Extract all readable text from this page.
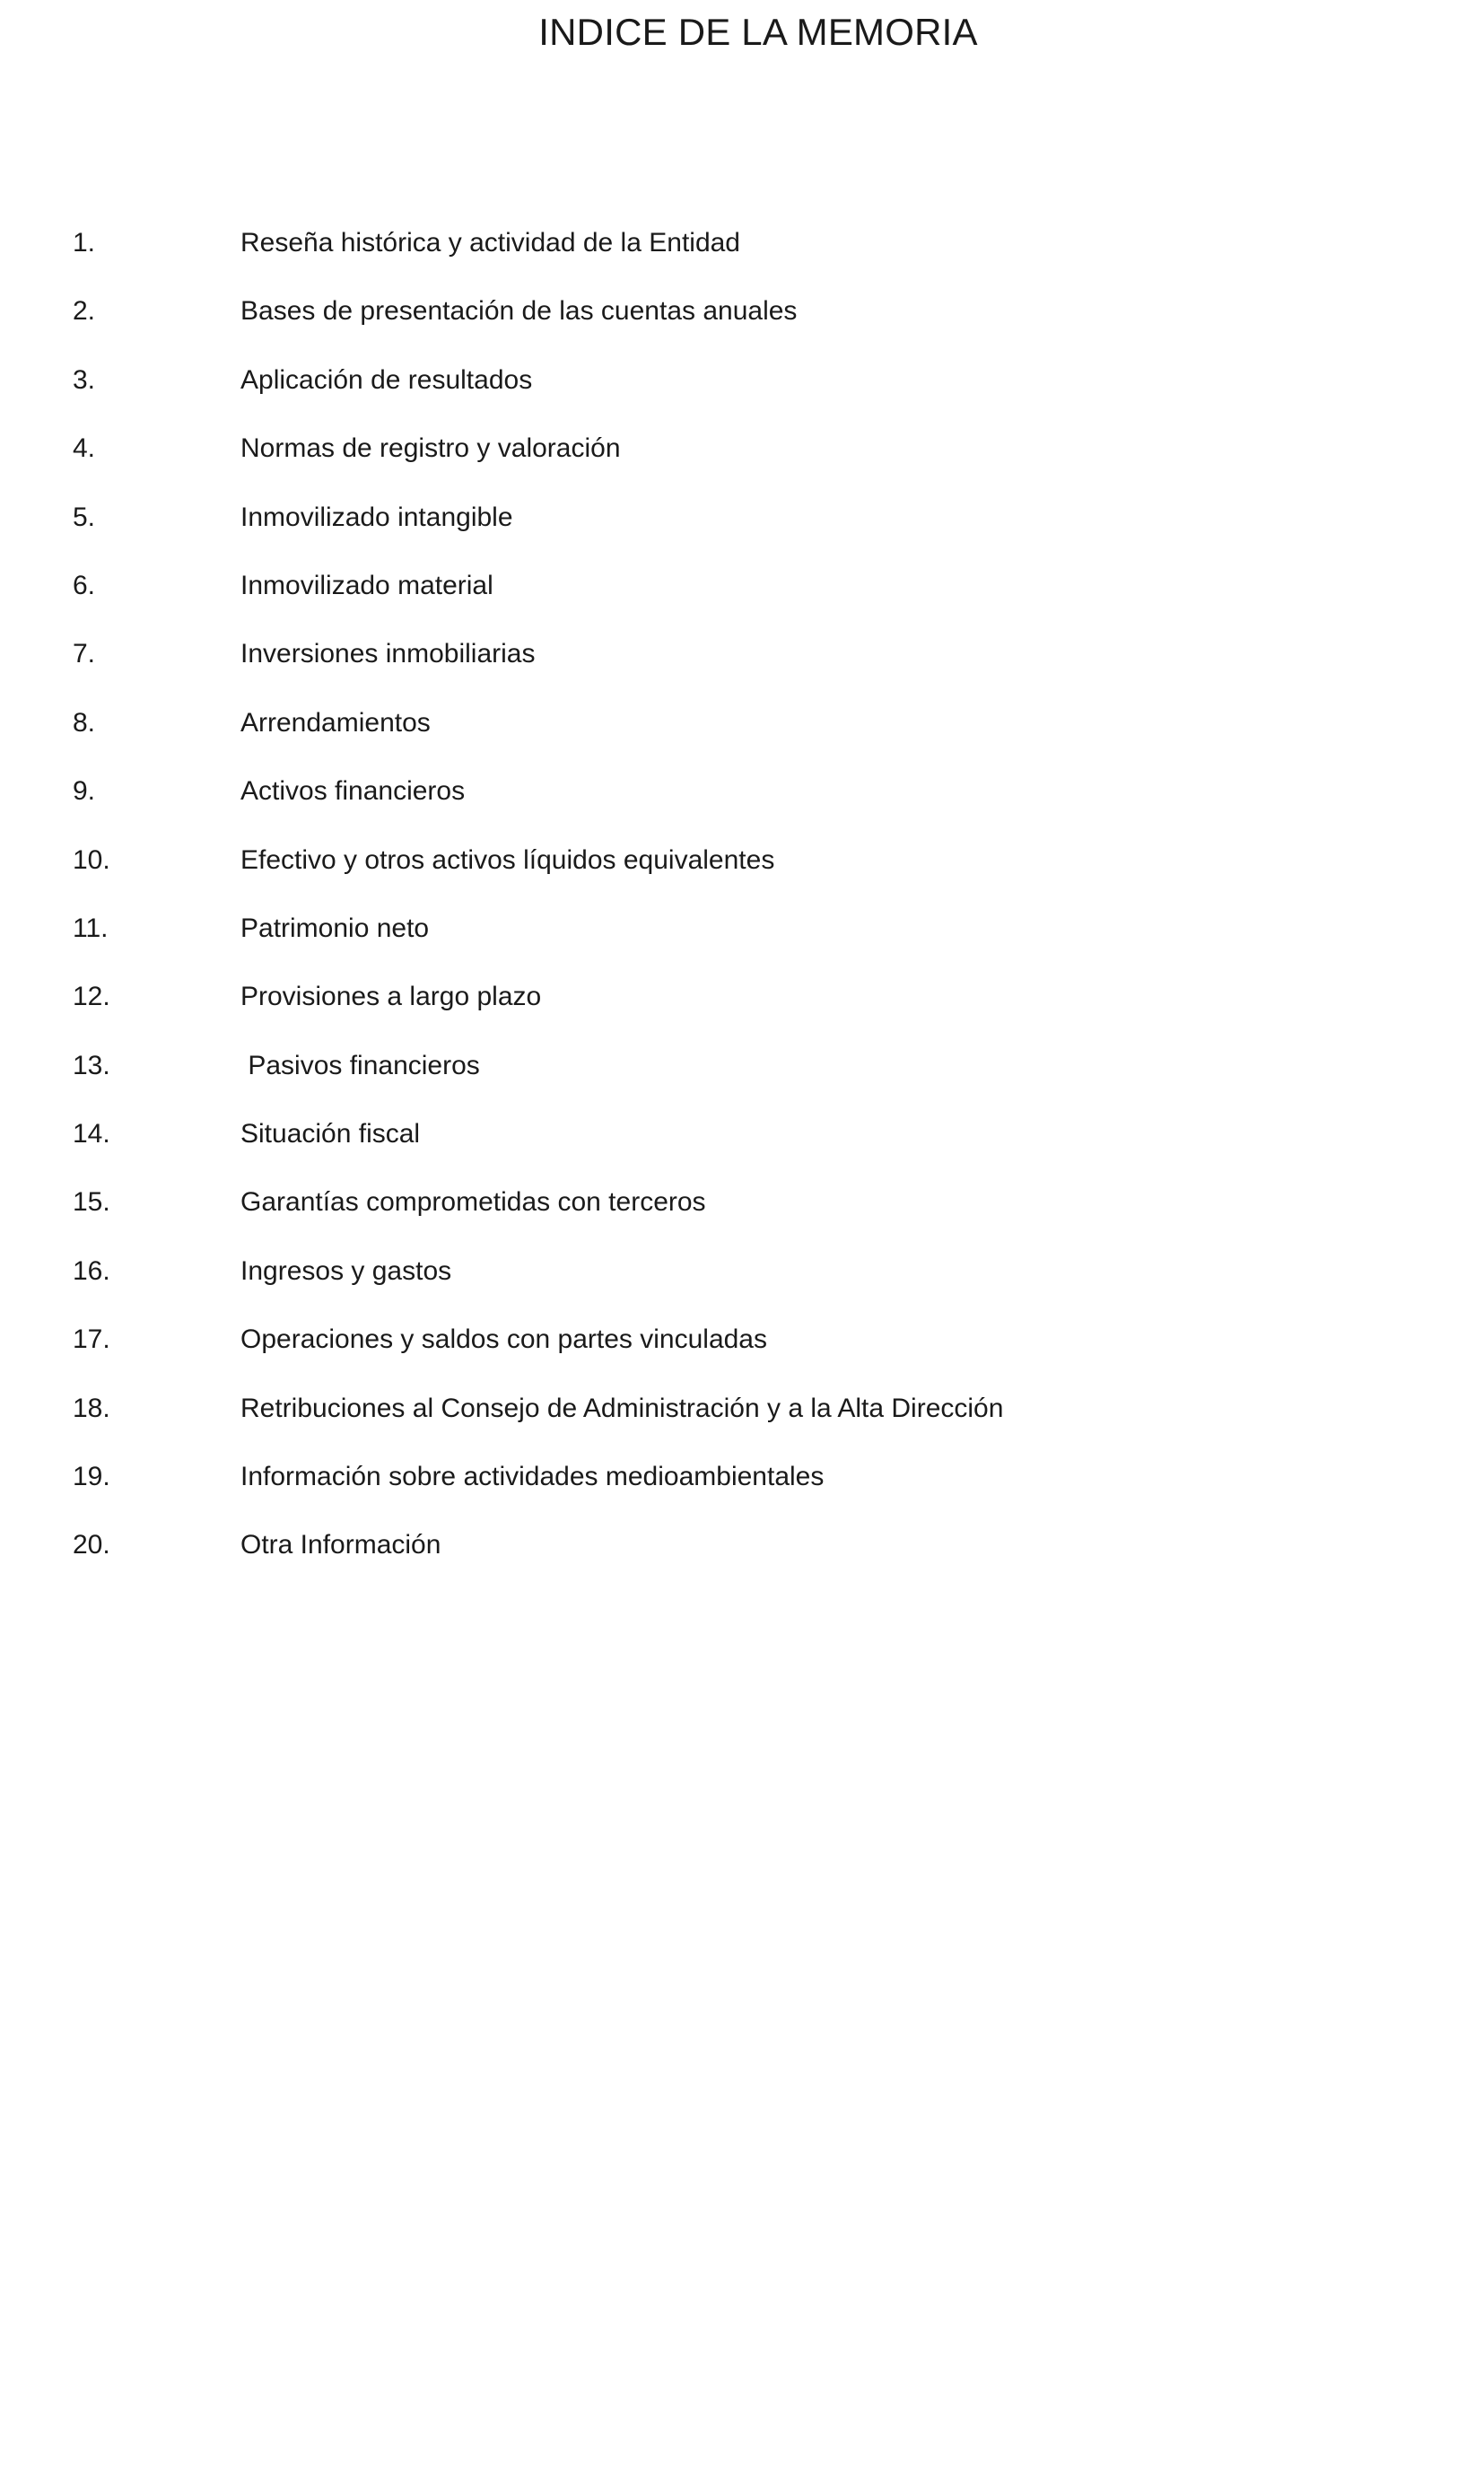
INDICE DE LA MEMORIA
1.	Reseña histórica y actividad de la Entidad
2.	Bases de presentación de las cuentas anuales
3.	Aplicación de resultados
4.	Normas de registro y valoración
5.	Inmovilizado intangible
6.	Inmovilizado material
7.	Inversiones inmobiliarias
8.	Arrendamientos
9.	Activos financieros
10.	Efectivo y otros activos líquidos equivalentes
11.	Patrimonio neto
12.	Provisiones a largo plazo
13.	Pasivos financieros
14.	Situación fiscal
15.	Garantías comprometidas con terceros
16.	Ingresos y gastos
17.	Operaciones y saldos con partes vinculadas
18.	Retribuciones al Consejo de Administración y a la Alta Dirección
19.	Información sobre actividades medioambientales
20.	Otra Información
